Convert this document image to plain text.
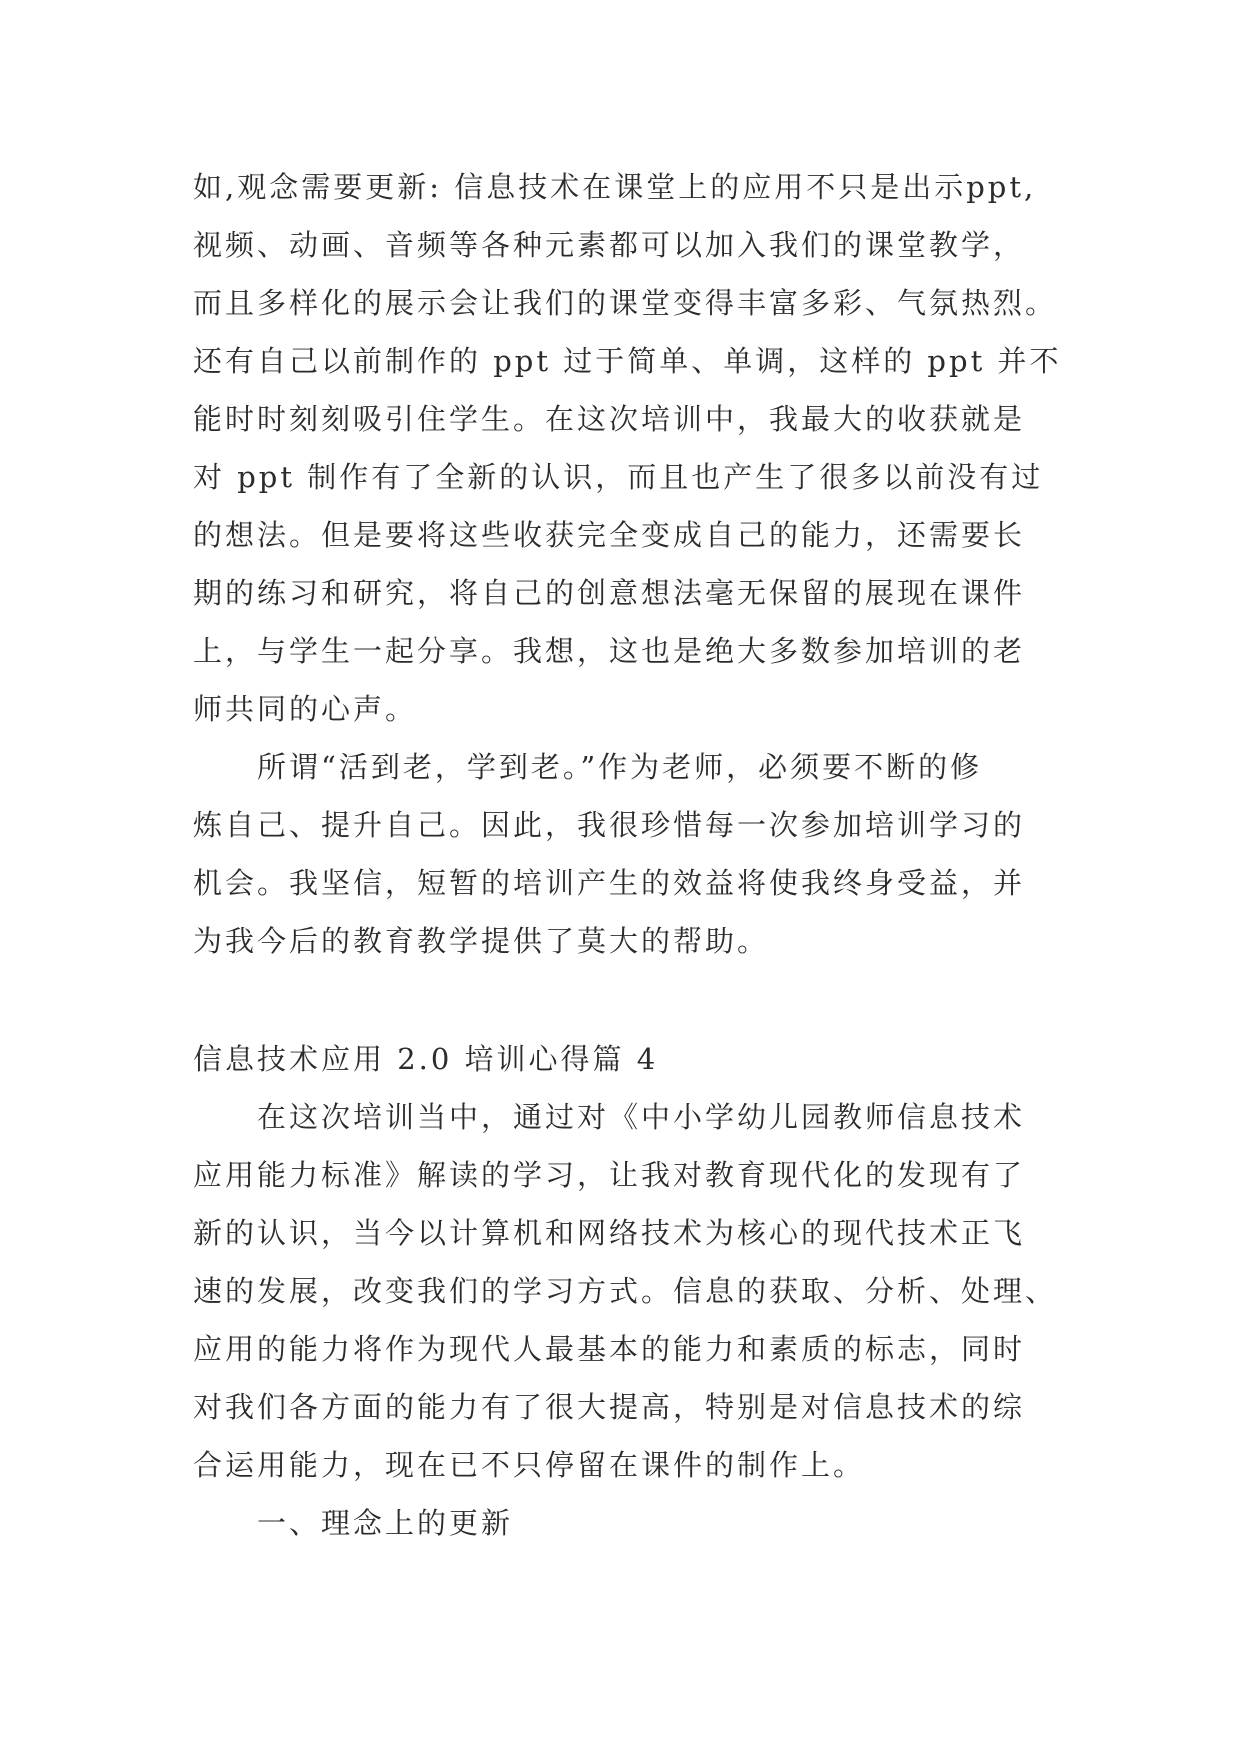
如,观念需要更新: 信息技术在课堂上的应用不只是出示ppt,
视频、动画、音频等各种元素都可以加入我们的课堂教学，
而且多样化的展示会让我们的课堂变得丰富多彩、气氛热烈。
还有自己以前制作的 ppt 过于简单、单调，这样的 ppt 并不
能时时刻刻吸引住学生。在这次培训中，我最大的收获就是
对 ppt 制作有了全新的认识，而且也产生了很多以前没有过
的想法。但是要将这些收获完全变成自己的能力，还需要长
期的练习和研究，将自己的创意想法毫无保留的展现在课件
上，与学生一起分享。我想，这也是绝大多数参加培训的老
师共同的心声。
所谓“活到老，学到老。”作为老师，必须要不断的修
炼自己、提升自己。因此，我很珍惜每一次参加培训学习的
机会。我坚信，短暂的培训产生的效益将使我终身受益，并
为我今后的教育教学提供了莫大的帮助。
信息技术应用 2.0 培训心得篇 4
在这次培训当中，通过对《中小学幼儿园教师信息技术
应用能力标准》解读的学习，让我对教育现代化的发现有了
新的认识，当今以计算机和网络技术为核心的现代技术正飞
速的发展，改变我们的学习方式。信息的获取、分析、处理、
应用的能力将作为现代人最基本的能力和素质的标志，同时
对我们各方面的能力有了很大提高，特别是对信息技术的综
合运用能力，现在已不只停留在课件的制作上。
一、理念上的更新
